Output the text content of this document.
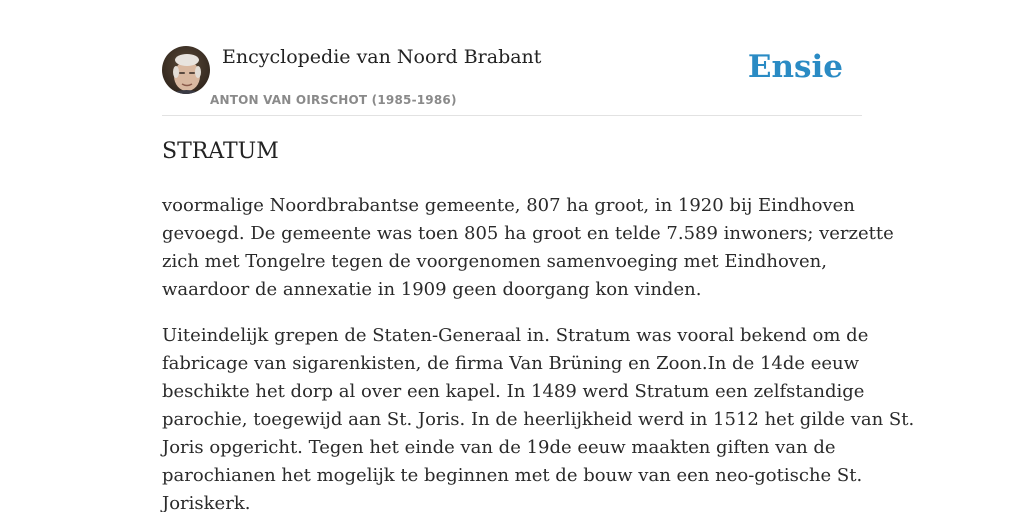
Encyclopedie van Noord Brabant
ANTON VAN OIRSCHOT (1985-1986)
Ensie
STRATUM

voormalige Noordbrabantse gemeente, 807 ha groot, in 1920 bij Eindhoven
gevoegd. De gemeente was toen 805 ha groot en telde 7.589 inwoners; verzette
zich met Tongelre tegen de voorgenomen samenvoeging met Eindhoven,
waardoor de annexatie in 1909 geen doorgang kon vinden.

Uiteindelijk grepen de Staten-Generaal in. Stratum was vooral bekend om de
fabricage van sigarenkisten, de firma Van Brüning en Zoon.In de 14de eeuw
beschikte het dorp al over een kapel. In 1489 werd Stratum een zelfstandige
parochie, toegewijd aan St. Joris. In de heerlijkheid werd in 1512 het gilde van St.
Joris opgericht. Tegen het einde van de 19de eeuw maakten giften van de
parochianen het mogelijk te beginnen met de bouw van een neo-gotische St.
Joriskerk.
